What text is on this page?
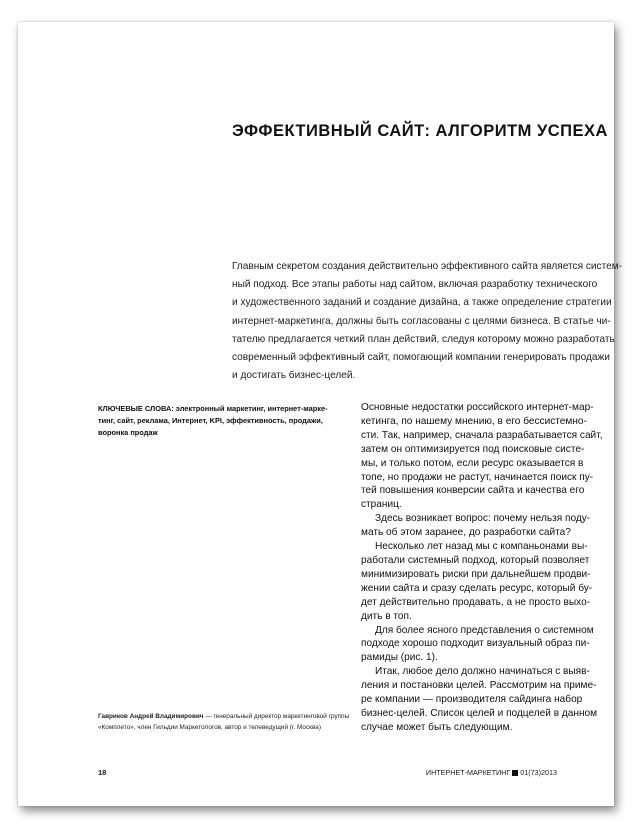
ЭФФЕКТИВНЫЙ САЙТ: АЛГОРИТМ УСПЕХА
Главным секретом создания действительно эффективного сайта является систем-
ный подход. Все этапы работы над сайтом, включая разработку технического
и художественного заданий и создание дизайна, а также определение стратегии
интернет-маркетинга, должны быть согласованы с целями бизнеса. В статье чи-
тателю предлагается четкий план действий, следуя которому можно разработать
современный эффективный сайт, помогающий компании генерировать продажи
и достигать бизнес-целей.
КЛЮЧЕВЫЕ СЛОВА: электронный маркетинг, интернет-марке-
тинг, сайт, реклама, Интернет, KPI, эффективность, продажи,
воронка продаж
Основные недостатки российского интернет-мар-
кетинга, по нашему мнению, в его бессистемно-
сти. Так, например, сначала разрабатывается сайт,
затем он оптимизируется под поисковые систе-
мы, и только потом, если ресурс оказывается в
топе, но продажи не растут, начинается поиск пу-
тей повышения конверсии сайта и качества его
страниц.
Здесь возникает вопрос: почему нельзя поду-
мать об этом заранее, до разработки сайта?
Несколько лет назад мы с компаньонами вы-
работали системный подход, который позволяет
минимизировать риски при дальнейшем продви-
жении сайта и сразу сделать ресурс, который бу-
дет действительно продавать, а не просто выхо-
дить в топ.
Для более ясного представления о системном
подходе хорошо подходит визуальный образ пи-
рамиды (рис. 1).
Итак, любое дело должно начинаться с выяв-
ления и постановки целей. Рассмотрим на приме-
ре компании — производителя сайдинга набор
бизнес-целей. Список целей и подцелей в данном
случае может быть следующим.
Гавриков Андрей Владимирович — генеральный директор маркетинговой группы
«Комплето», член Гильдии Маркетологов, автор и телеведущий (г. Москва)
18	ИНТЕРНЕТ-МАРКЕТИНГ 01(73)2013
